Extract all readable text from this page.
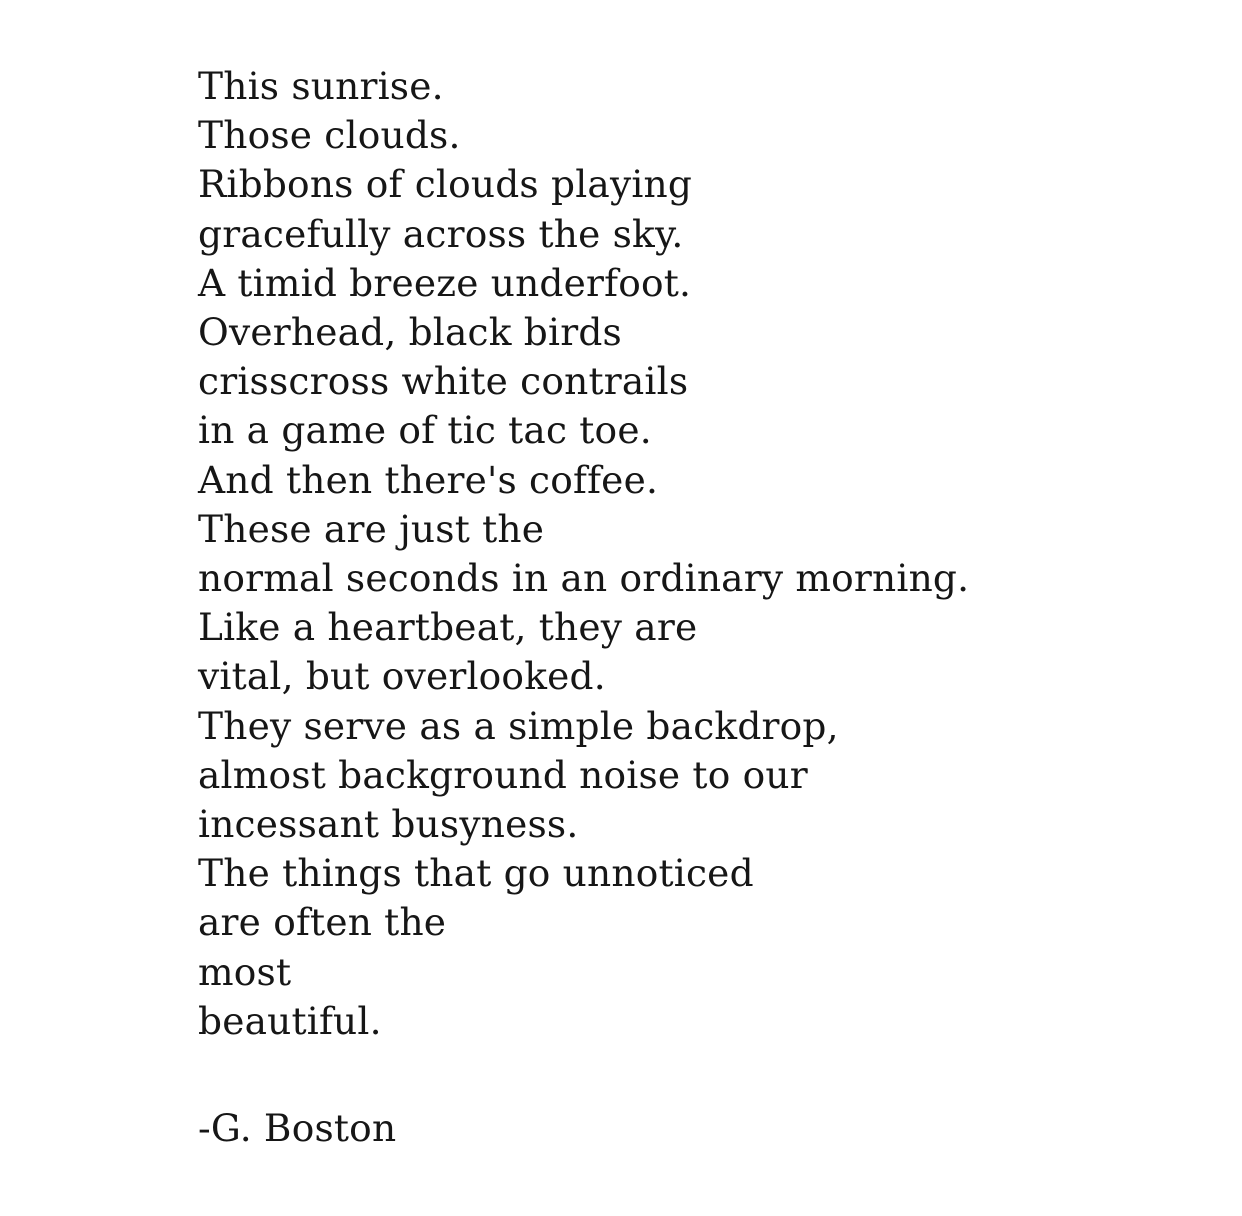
This sunrise.
Those clouds.
Ribbons of clouds playing
gracefully across the sky.
A timid breeze underfoot.
Overhead, black birds
crisscross white contrails
in a game of tic tac toe.
And then there's coffee.
These are just the
normal seconds in an ordinary morning.
Like a heartbeat, they are
vital, but overlooked.
They serve as a simple backdrop,
almost background noise to our
incessant busyness.
The things that go unnoticed
are often the
most
beautiful.
-G. Boston
